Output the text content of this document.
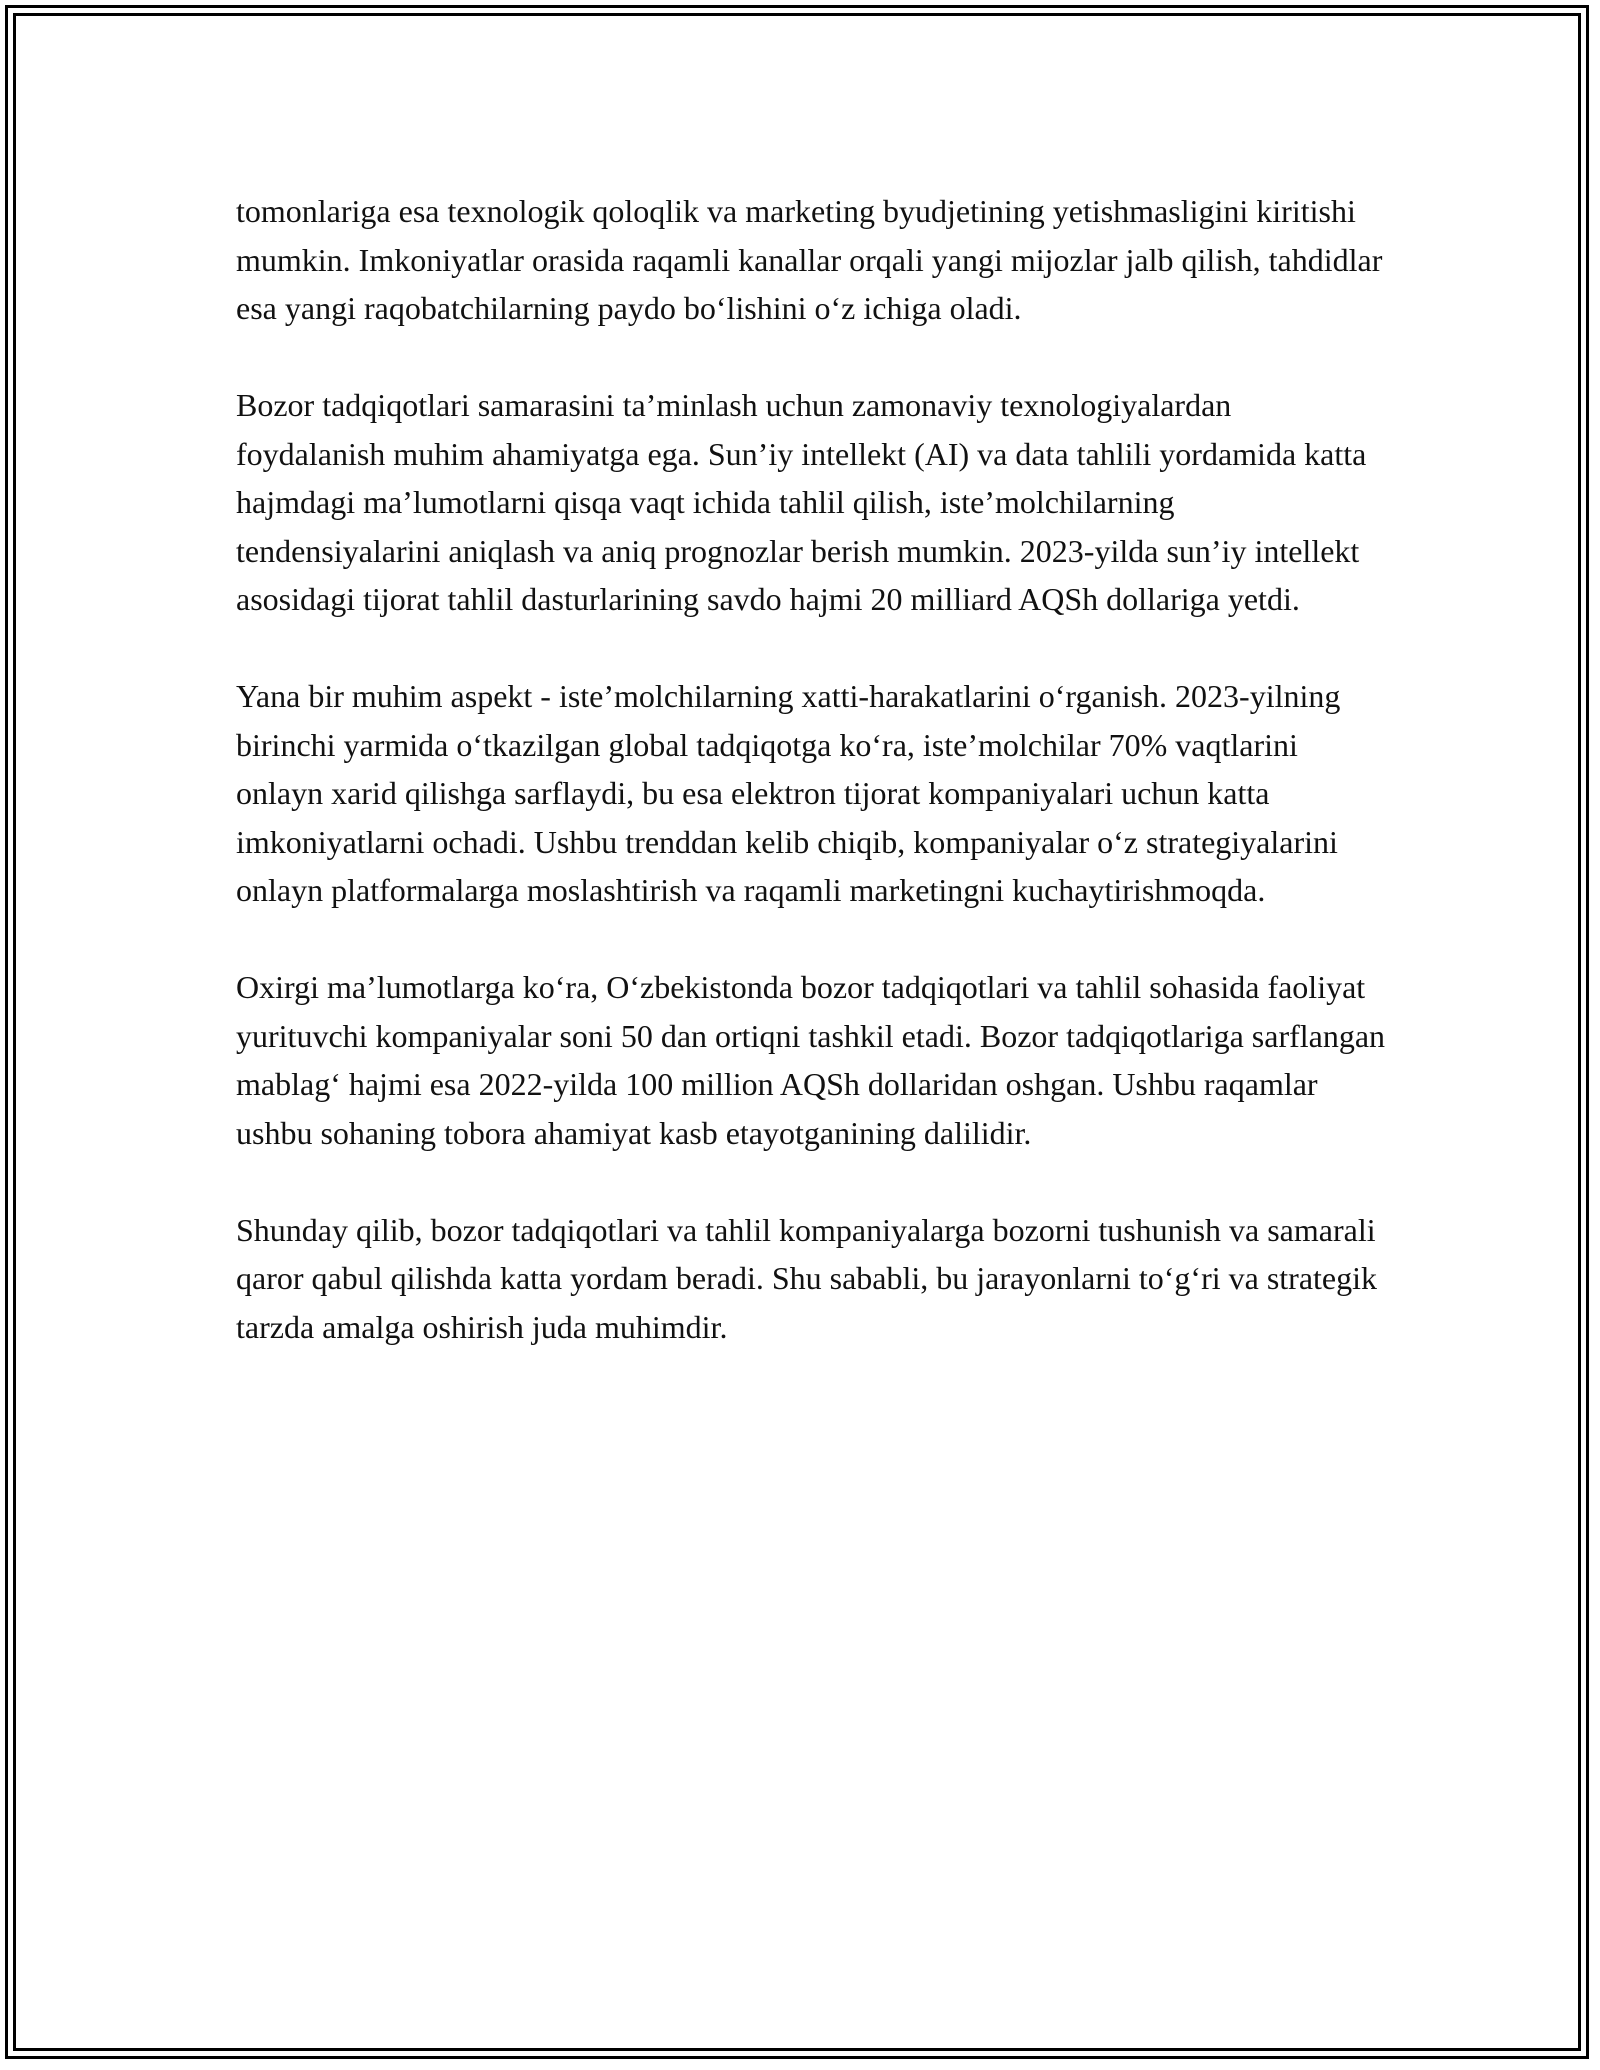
tomonlariga esa texnologik qoloqlik va marketing byudjetining yetishmasligini kiritishi mumkin. Imkoniyatlar orasida raqamli kanallar orqali yangi mijozlar jalb qilish, tahdidlar esa yangi raqobatchilarning paydo bo‘lishini o‘z ichiga oladi.

Bozor tadqiqotlari samarasini ta’minlash uchun zamonaviy texnologiyalardan foydalanish muhim ahamiyatga ega. Sun’iy intellekt (AI) va data tahlili yordamida katta hajmdagi ma’lumotlarni qisqa vaqt ichida tahlil qilish, iste’molchilarning tendensiyalarini aniqlash va aniq prognozlar berish mumkin. 2023-yilda sun’iy intellekt asosidagi tijorat tahlil dasturlarining savdo hajmi 20 milliard AQSh dollariga yetdi.

Yana bir muhim aspekt - iste’molchilarning xatti-harakatlarini o‘rganish. 2023-yilning birinchi yarmida o‘tkazilgan global tadqiqotga ko‘ra, iste’molchilar 70% vaqtlarini onlayn xarid qilishga sarflaydi, bu esa elektron tijorat kompaniyalari uchun katta imkoniyatlarni ochadi. Ushbu trenddan kelib chiqib, kompaniyalar o‘z strategiyalarini onlayn platformalarga moslashtirish va raqamli marketingni kuchaytirishmoqda.

Oxirgi ma’lumotlarga ko‘ra, O‘zbekistonda bozor tadqiqotlari va tahlil sohasida faoliyat yurituvchi kompaniyalar soni 50 dan ortiqni tashkil etadi. Bozor tadqiqotlariga sarflangan mablag‘ hajmi esa 2022-yilda 100 million AQSh dollaridan oshgan. Ushbu raqamlar ushbu sohaning tobora ahamiyat kasb etayotganining dalilidir.

Shunday qilib, bozor tadqiqotlari va tahlil kompaniyalarga bozorni tushunish va samarali qaror qabul qilishda katta yordam beradi. Shu sababli, bu jarayonlarni to‘g‘ri va strategik tarzda amalga oshirish juda muhimdir.
